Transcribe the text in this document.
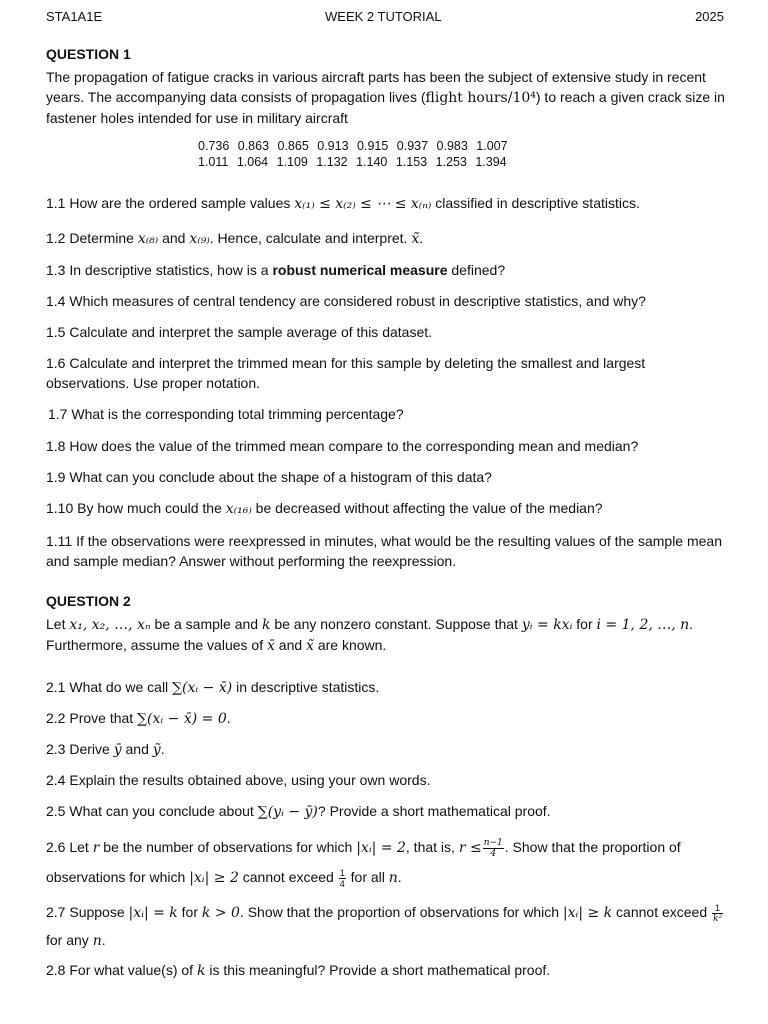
STA1A1E	WEEK 2 TUTORIAL	2025
QUESTION 1
The propagation of fatigue cracks in various aircraft parts has been the subject of extensive study in recent years. The accompanying data consists of propagation lives (flight hours/10⁴) to reach a given crack size in fastener holes intended for use in military aircraft
0.736 0.863 0.865 0.913 0.915 0.937 0.983 1.007
1.011 1.064 1.109 1.132 1.140 1.153 1.253 1.394
1.1 How are the ordered sample values x₍₁₎ ≤ x₍₂₎ ≤ ⋯ ≤ x₍ₙ₎ classified in descriptive statistics.
1.2 Determine x₍₈₎ and x₍₉₎. Hence, calculate and interpret. x̃.
1.3 In descriptive statistics, how is a robust numerical measure defined?
1.4 Which measures of central tendency are considered robust in descriptive statistics, and why?
1.5 Calculate and interpret the sample average of this dataset.
1.6 Calculate and interpret the trimmed mean for this sample by deleting the smallest and largest observations. Use proper notation.
1.7 What is the corresponding total trimming percentage?
1.8 How does the value of the trimmed mean compare to the corresponding mean and median?
1.9 What can you conclude about the shape of a histogram of this data?
1.10 By how much could the x₍₁₆₎ be decreased without affecting the value of the median?
1.11 If the observations were reexpressed in minutes, what would be the resulting values of the sample mean and sample median? Answer without performing the reexpression.
QUESTION 2
Let x₁, x₂, …, xₙ be a sample and k be any nonzero constant. Suppose that yᵢ = kxᵢ for i = 1, 2, …, n. Furthermore, assume the values of x̄ and x̃ are known.
2.1 What do we call ∑(xᵢ − x̄) in descriptive statistics.
2.2 Prove that ∑(xᵢ − x̄) = 0.
2.3 Derive ȳ and ỹ.
2.4 Explain the results obtained above, using your own words.
2.5 What can you conclude about ∑(yᵢ − ȳ)? Provide a short mathematical proof.
2.6 Let r be the number of observations for which |xᵢ| = 2, that is, $r \le \frac{n-1}{4}$ . Show that the proportion of observations for which |xᵢ| ≥ 2 cannot exceed $\frac{1}{4}$ for all n.
2.7 Suppose |xᵢ| = k for k > 0. Show that the proportion of observations for which |xᵢ| ≥ k cannot exceed $\frac{1}{\text{k²}}$
for any n.
2.8 For what value(s) of k is this meaningful? Provide a short mathematical proof.
